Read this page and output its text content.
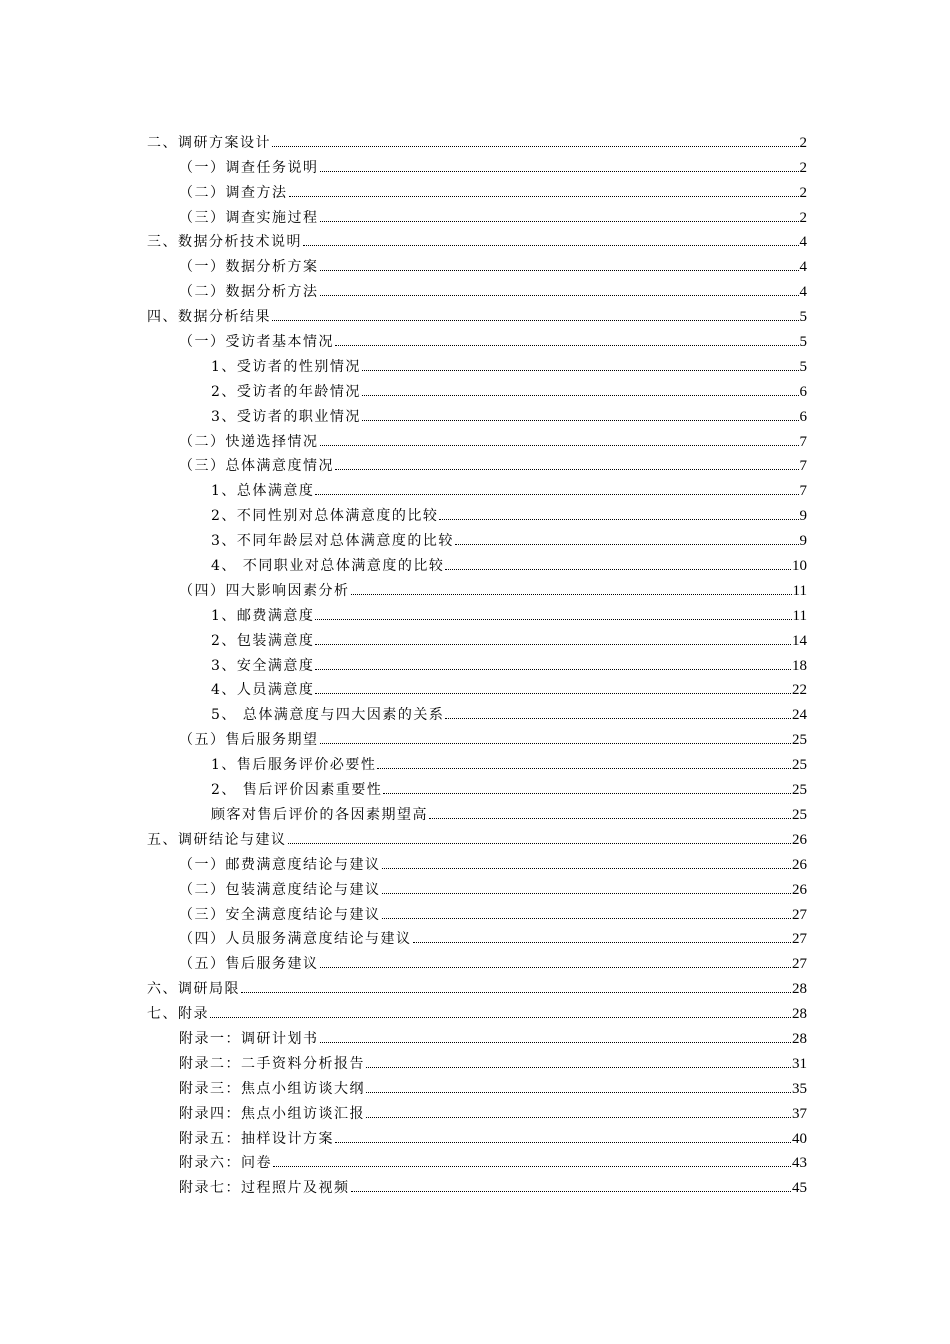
二、调研方案设计	2
（一）调查任务说明	2
（二）调查方法	2
（三）调查实施过程	2
三、数据分析技术说明	4
（一）数据分析方案	4
（二）数据分析方法	4
四、数据分析结果	5
（一）受访者基本情况	5
1、受访者的性别情况	5
2、受访者的年龄情况	6
3、受访者的职业情况	6
（二）快递选择情况	7
（三）总体满意度情况	7
1、总体满意度	7
2、不同性别对总体满意度的比较	9
3、不同年龄层对总体满意度的比较	9
4、 不同职业对总体满意度的比较	10
（四）四大影响因素分析	11
1、邮费满意度	11
2、包装满意度	14
3、安全满意度	18
4、人员满意度	22
5、 总体满意度与四大因素的关系	24
（五）售后服务期望	25
1、售后服务评价必要性	25
2、 售后评价因素重要性	25
顾客对售后评价的各因素期望高	25
五、调研结论与建议	26
（一）邮费满意度结论与建议	26
（二）包装满意度结论与建议	26
（三）安全满意度结论与建议	27
（四）人员服务满意度结论与建议	27
（五）售后服务建议	27
六、调研局限	28
七、附录	28
附录一：调研计划书	28
附录二：二手资料分析报告	31
附录三：焦点小组访谈大纲	35
附录四：焦点小组访谈汇报	37
附录五：抽样设计方案	40
附录六：问卷	43
附录七：过程照片及视频	45
